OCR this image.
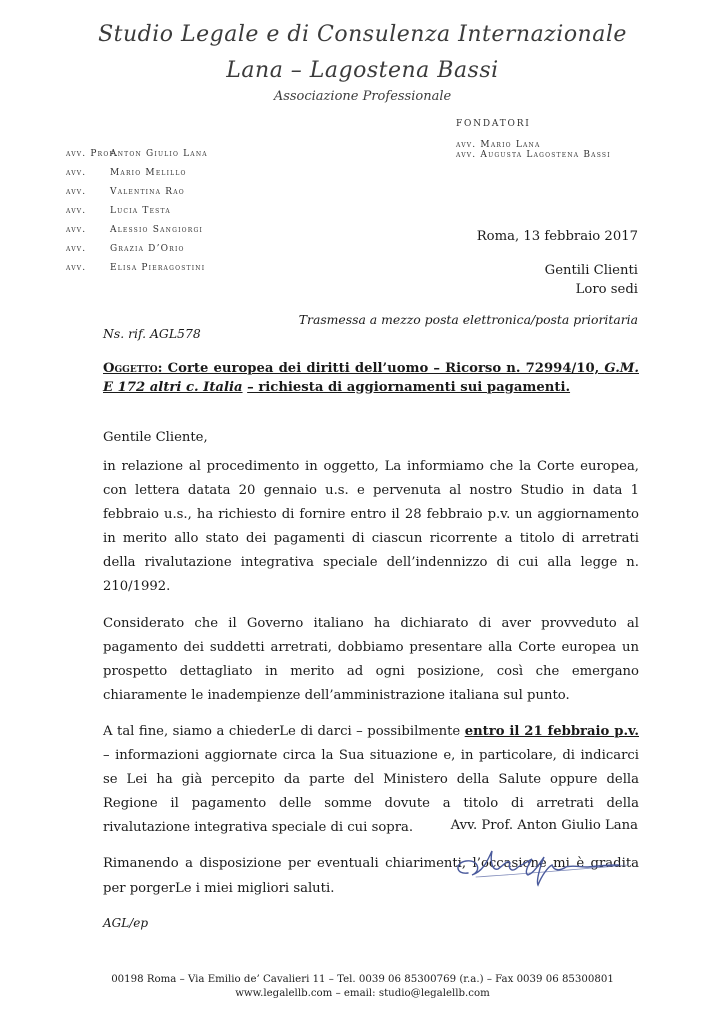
Studio Legale e di Consulenza Internazionale
Lana – Lagostena Bassi
Associazione Professionale
FONDATORI
avv. Mario Lana
avv. Augusta Lagostena Bassi
avv. Prof.Anton Giulio Lana
avv.	Mario Melillo
avv.	Valentina Rao
avv.	Lucia Testa
avv.	Alessio Sangiorgi
avv.	Grazia D’Orio
avv.	Elisa Pieragostini
Roma, 13 febbraio 2017
Gentili Clienti
Loro sedi
Trasmessa a mezzo posta elettronica/posta prioritaria
Ns. rif. AGL578
Oggetto: Corte europea dei diritti dell’uomo – Ricorso n. 72994/10, G.M. E 172 altri c. Italia – richiesta di aggiornamenti sui pagamenti.
Gentile Cliente,

in relazione al procedimento in oggetto, La informiamo che la Corte europea, con lettera datata 20 gennaio u.s. e pervenuta al nostro Studio in data 1 febbraio u.s., ha richiesto di fornire entro il 28 febbraio p.v. un aggiornamento in merito allo stato dei pagamenti di ciascun ricorrente a titolo di arretrati della rivalutazione integrativa speciale dell’indennizzo di cui alla legge n. 210/1992.

Considerato che il Governo italiano ha dichiarato di aver provveduto al pagamento dei suddetti arretrati, dobbiamo presentare alla Corte europea un prospetto dettagliato in merito ad ogni posizione, così che emergano chiaramente le inadempienze dell’amministrazione italiana sul punto.

A tal fine, siamo a chiederLe di darci – possibilmente entro il 21 febbraio p.v. – informazioni aggiornate circa la Sua situazione e, in particolare, di indicarci se Lei ha già percepito da parte del Ministero della Salute oppure della Regione il pagamento delle somme dovute a titolo di arretrati della rivalutazione integrativa speciale di cui sopra.

Rimanendo a disposizione per eventuali chiarimenti, l’occasione mi è gradita per porgerLe i miei migliori saluti.

Avv. Prof. Anton Giulio Lana
AGL/ep
00198 Roma – Via Emilio de’ Cavalieri 11 – Tel. 0039 06 85300769 (r.a.) – Fax 0039 06 85300801
www.legalellb.com – email: studio@legalellb.com
